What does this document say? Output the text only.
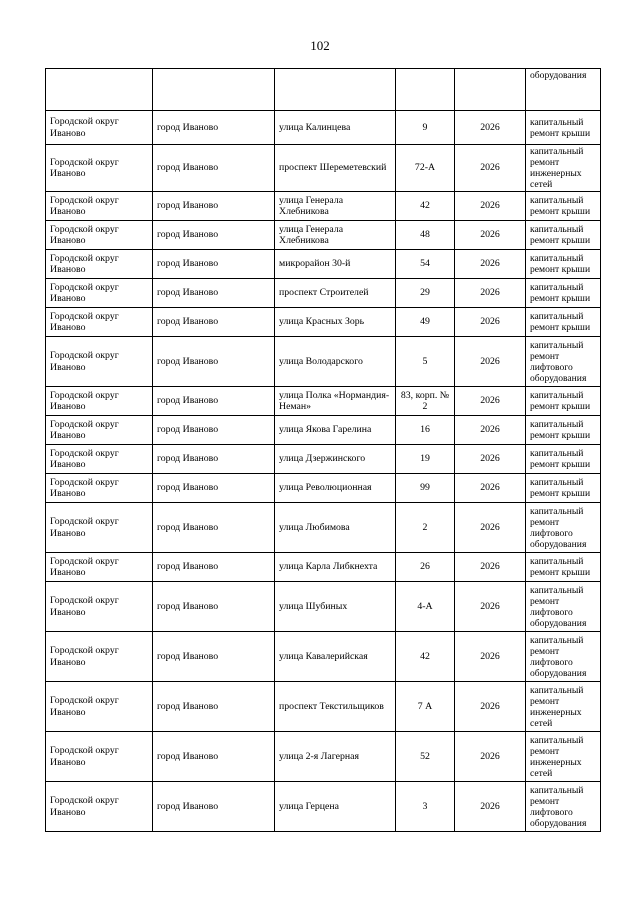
102
					оборудования
Городской округ Иваново	город Иваново	улица Калинцева	9	2026	капитальный ремонт крыши
Городской округ Иваново	город Иваново	проспект Шереметевский	72-А	2026	капитальный ремонт инженерных сетей
Городской округ Иваново	город Иваново	улица Генерала Хлебникова	42	2026	капитальный ремонт крыши
Городской округ Иваново	город Иваново	улица Генерала Хлебникова	48	2026	капитальный ремонт крыши
Городской округ Иваново	город Иваново	микрорайон 30-й	54	2026	капитальный ремонт крыши
Городской округ Иваново	город Иваново	проспект Строителей	29	2026	капитальный ремонт крыши
Городской округ Иваново	город Иваново	улица Красных Зорь	49	2026	капитальный ремонт крыши
Городской округ Иваново	город Иваново	улица Володарского	5	2026	капитальный ремонт лифтового оборудования
Городской округ Иваново	город Иваново	улица Полка «Нормандия-Неман»	83, корп. № 2	2026	капитальный ремонт крыши
Городской округ Иваново	город Иваново	улица Якова Гарелина	16	2026	капитальный ремонт крыши
Городской округ Иваново	город Иваново	улица Дзержинского	19	2026	капитальный ремонт крыши
Городской округ Иваново	город Иваново	улица Революционная	99	2026	капитальный ремонт крыши
Городской округ Иваново	город Иваново	улица Любимова	2	2026	капитальный ремонт лифтового оборудования
Городской округ Иваново	город Иваново	улица Карла Либкнехта	26	2026	капитальный ремонт крыши
Городской округ Иваново	город Иваново	улица Шубиных	4-А	2026	капитальный ремонт лифтового оборудования
Городской округ Иваново	город Иваново	улица Кавалерийская	42	2026	капитальный ремонт лифтового оборудования
Городской округ Иваново	город Иваново	проспект Текстильщиков	7 А	2026	капитальный ремонт инженерных сетей
Городской округ Иваново	город Иваново	улица 2-я Лагерная	52	2026	капитальный ремонт инженерных сетей
Городской округ Иваново	город Иваново	улица Герцена	3	2026	капитальный ремонт лифтового оборудования
